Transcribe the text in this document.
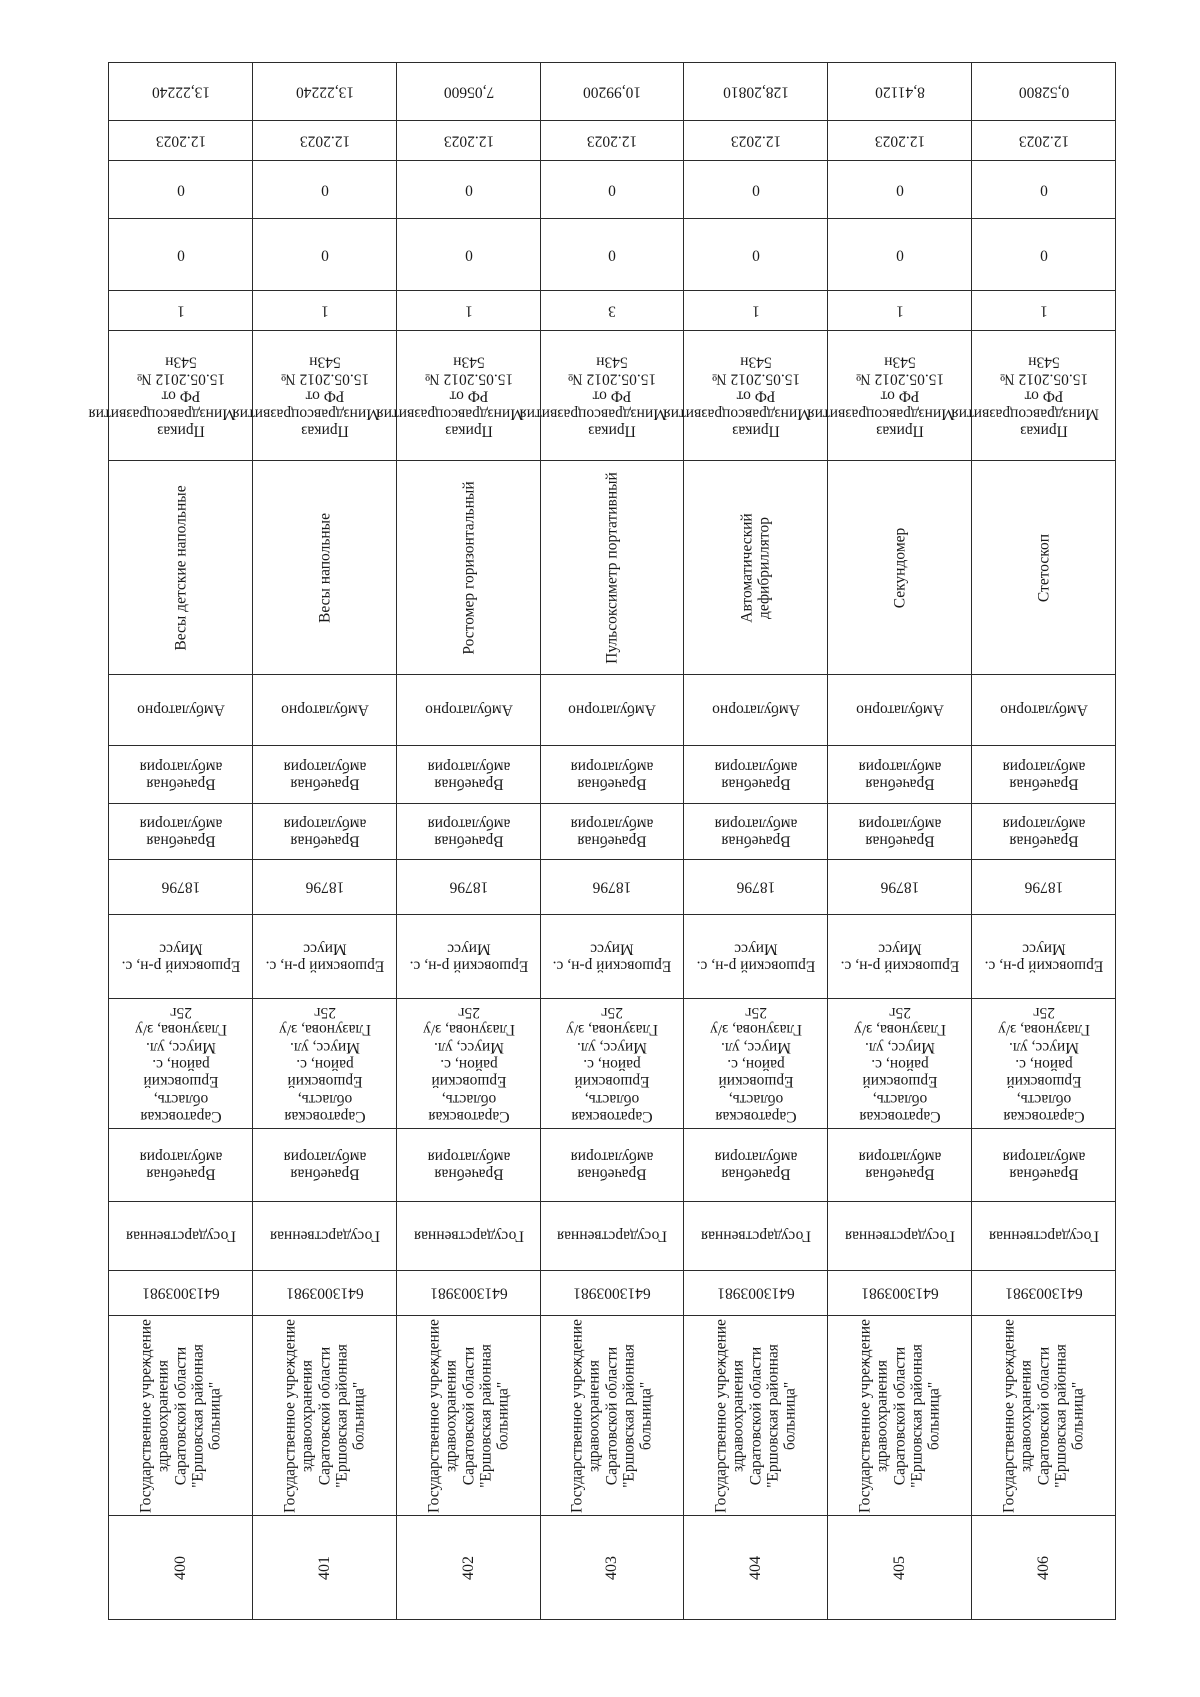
13,22240	13,22240	7,05600	10,99200	128,20810	8,41120	0,52800

12.2023	12.2023	12.2023	12.2023	12.2023	12.2023	12.2023

0	0	0	0	0	0	0

0	0	0	0	0	0	0

1	1	1	3	1	1	1

Приказ Минздравсоцразвития РФ от 15.05.2012 № 543н	Приказ Минздравсоцразвития РФ от 15.05.2012 № 543н	Приказ Минздравсоцразвития РФ от 15.05.2012 № 543н	Приказ Минздравсоцразвития РФ от 15.05.2012 № 543н	Приказ Минздравсоцразвития РФ от 15.05.2012 № 543н	Приказ Минздравсоцразвития РФ от 15.05.2012 № 543н	Приказ Минздравсоцразвития РФ от 15.05.2012 № 543н

Весы детские напольные	Весы напольные	Ростомер горизонтальный	Пульсоксиметр портативный	Автоматический дефибриллятор	Секундомер	Стетоскоп

Амбулаторно	Амбулаторно	Амбулаторно	Амбулаторно	Амбулаторно	Амбулаторно	Амбулаторно

Врачебная амбулатория	Врачебная амбулатория	Врачебная амбулатория	Врачебная амбулатория	Врачебная амбулатория	Врачебная амбулатория	Врачебная амбулатория

Врачебная амбулатория	Врачебная амбулатория	Врачебная амбулатория	Врачебная амбулатория	Врачебная амбулатория	Врачебная амбулатория	Врачебная амбулатория

18796	18796	18796	18796	18796	18796	18796

Ершовский р-н, с. Миусс	Ершовский р-н, с. Миусс	Ершовский р-н, с. Миусс	Ершовский р-н, с. Миусс	Ершовский р-н, с. Миусс	Ершовский р-н, с. Миусс	Ершовский р-н, с. Миусс

Саратовская область, Ершовский район, с. Миусс, ул. Глазунова, з/у 25г	Саратовская область, Ершовский район, с. Миусс, ул. Глазунова, з/у 25г	Саратовская область, Ершовский район, с. Миусс, ул. Глазунова, з/у 25г	Саратовская область, Ершовский район, с. Миусс, ул. Глазунова, з/у 25г	Саратовская область, Ершовский район, с. Миусс, ул. Глазунова, з/у 25г	Саратовская область, Ершовский район, с. Миусс, ул. Глазунова, з/у 25г	Саратовская область, Ершовский район, с. Миусс, ул. Глазунова, з/у 25г

Врачебная амбулатория	Врачебная амбулатория	Врачебная амбулатория	Врачебная амбулатория	Врачебная амбулатория	Врачебная амбулатория	Врачебная амбулатория

Государственная	Государственная	Государственная	Государственная	Государственная	Государственная	Государственная

6413003981	6413003981	6413003981	6413003981	6413003981	6413003981	6413003981

Государственное учреждение здравоохранения Саратовской области "Ершовская районная больница"	Государственное учреждение здравоохранения Саратовской области "Ершовская районная больница"	Государственное учреждение здравоохранения Саратовской области "Ершовская районная больница"	Государственное учреждение здравоохранения Саратовской области "Ершовская районная больница"	Государственное учреждение здравоохранения Саратовской области "Ершовская районная больница"	Государственное учреждение здравоохранения Саратовской области "Ершовская районная больница"	Государственное учреждение здравоохранения Саратовской области "Ершовская районная больница"

400	401	402	403	404	405	406
